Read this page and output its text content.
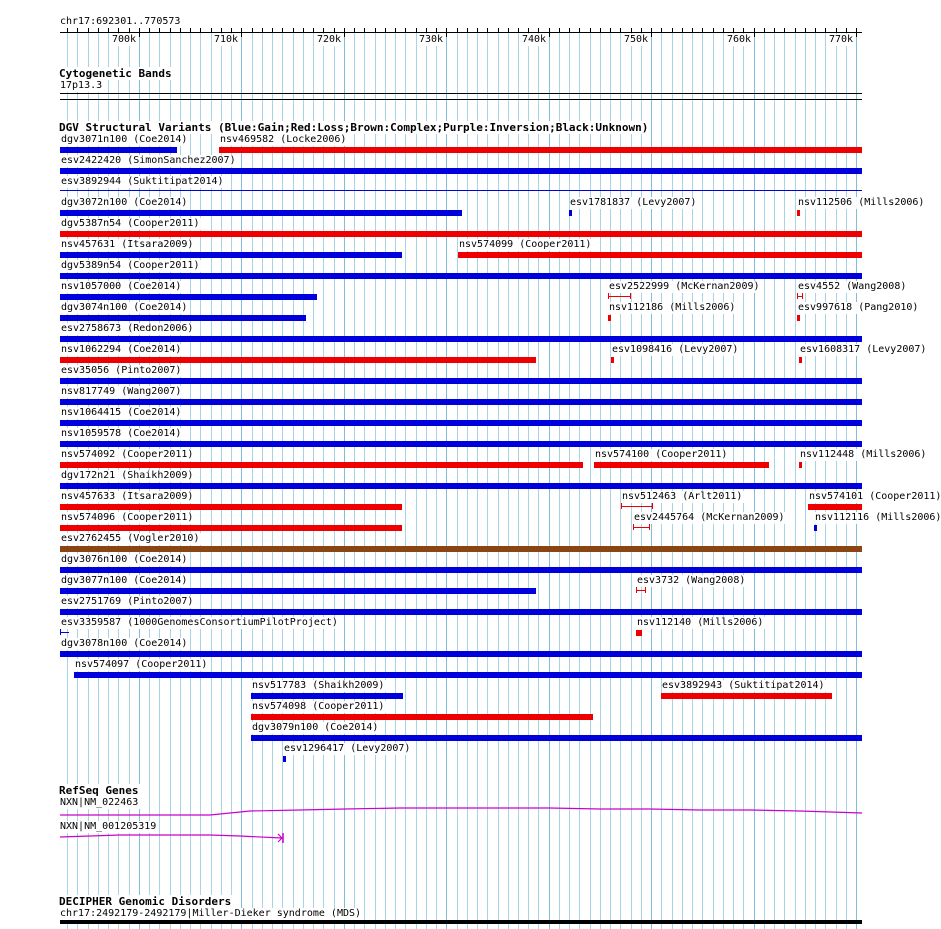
chr17:692301..770573
700k	710k	720k	730k	740k	750k	760k	770k
Cytogenetic Bands
17p13.3
DGV Structural Variants (Blue:Gain;Red:Loss;Brown:Complex;Purple:Inversion;Black:Unknown)
dgv3071n100 (Coe2014)	nsv469582 (Locke2006)
esv2422420 (SimonSanchez2007)
esv3892944 (Suktitipat2014)
dgv3072n100 (Coe2014)	esv1781837 (Levy2007)	nsv112506 (Mills2006)
dgv5387n54 (Cooper2011)
nsv457631 (Itsara2009)	nsv574099 (Cooper2011)
dgv5389n54 (Cooper2011)
nsv1057000 (Coe2014)	esv2522999 (McKernan2009)	esv4552 (Wang2008)
dgv3074n100 (Coe2014)	nsv112186 (Mills2006)	esv997618 (Pang2010)
esv2758673 (Redon2006)
nsv1062294 (Coe2014)	esv1098416 (Levy2007)	esv1608317 (Levy2007)
esv35056 (Pinto2007)
nsv817749 (Wang2007)
nsv1064415 (Coe2014)
nsv1059578 (Coe2014)
nsv574092 (Cooper2011)	nsv574100 (Cooper2011)	nsv112448 (Mills2006)
dgv172n21 (Shaikh2009)
nsv457633 (Itsara2009)	nsv512463 (Arlt2011)	nsv574101 (Cooper2011)
nsv574096 (Cooper2011)	esv2445764 (McKernan2009)	nsv112116 (Mills2006)
esv2762455 (Vogler2010)
dgv3076n100 (Coe2014)
dgv3077n100 (Coe2014)	esv3732 (Wang2008)
esv2751769 (Pinto2007)
esv3359587 (1000GenomesConsortiumPilotProject)	nsv112140 (Mills2006)
dgv3078n100 (Coe2014)
nsv574097 (Cooper2011)
nsv517783 (Shaikh2009)	esv3892943 (Suktitipat2014)
nsv574098 (Cooper2011)
dgv3079n100 (Coe2014)
esv1296417 (Levy2007)
RefSeq Genes
NXN|NM_022463
NXN|NM_001205319
DECIPHER Genomic Disorders
chr17:2492179-2492179|Miller-Dieker syndrome (MDS)
